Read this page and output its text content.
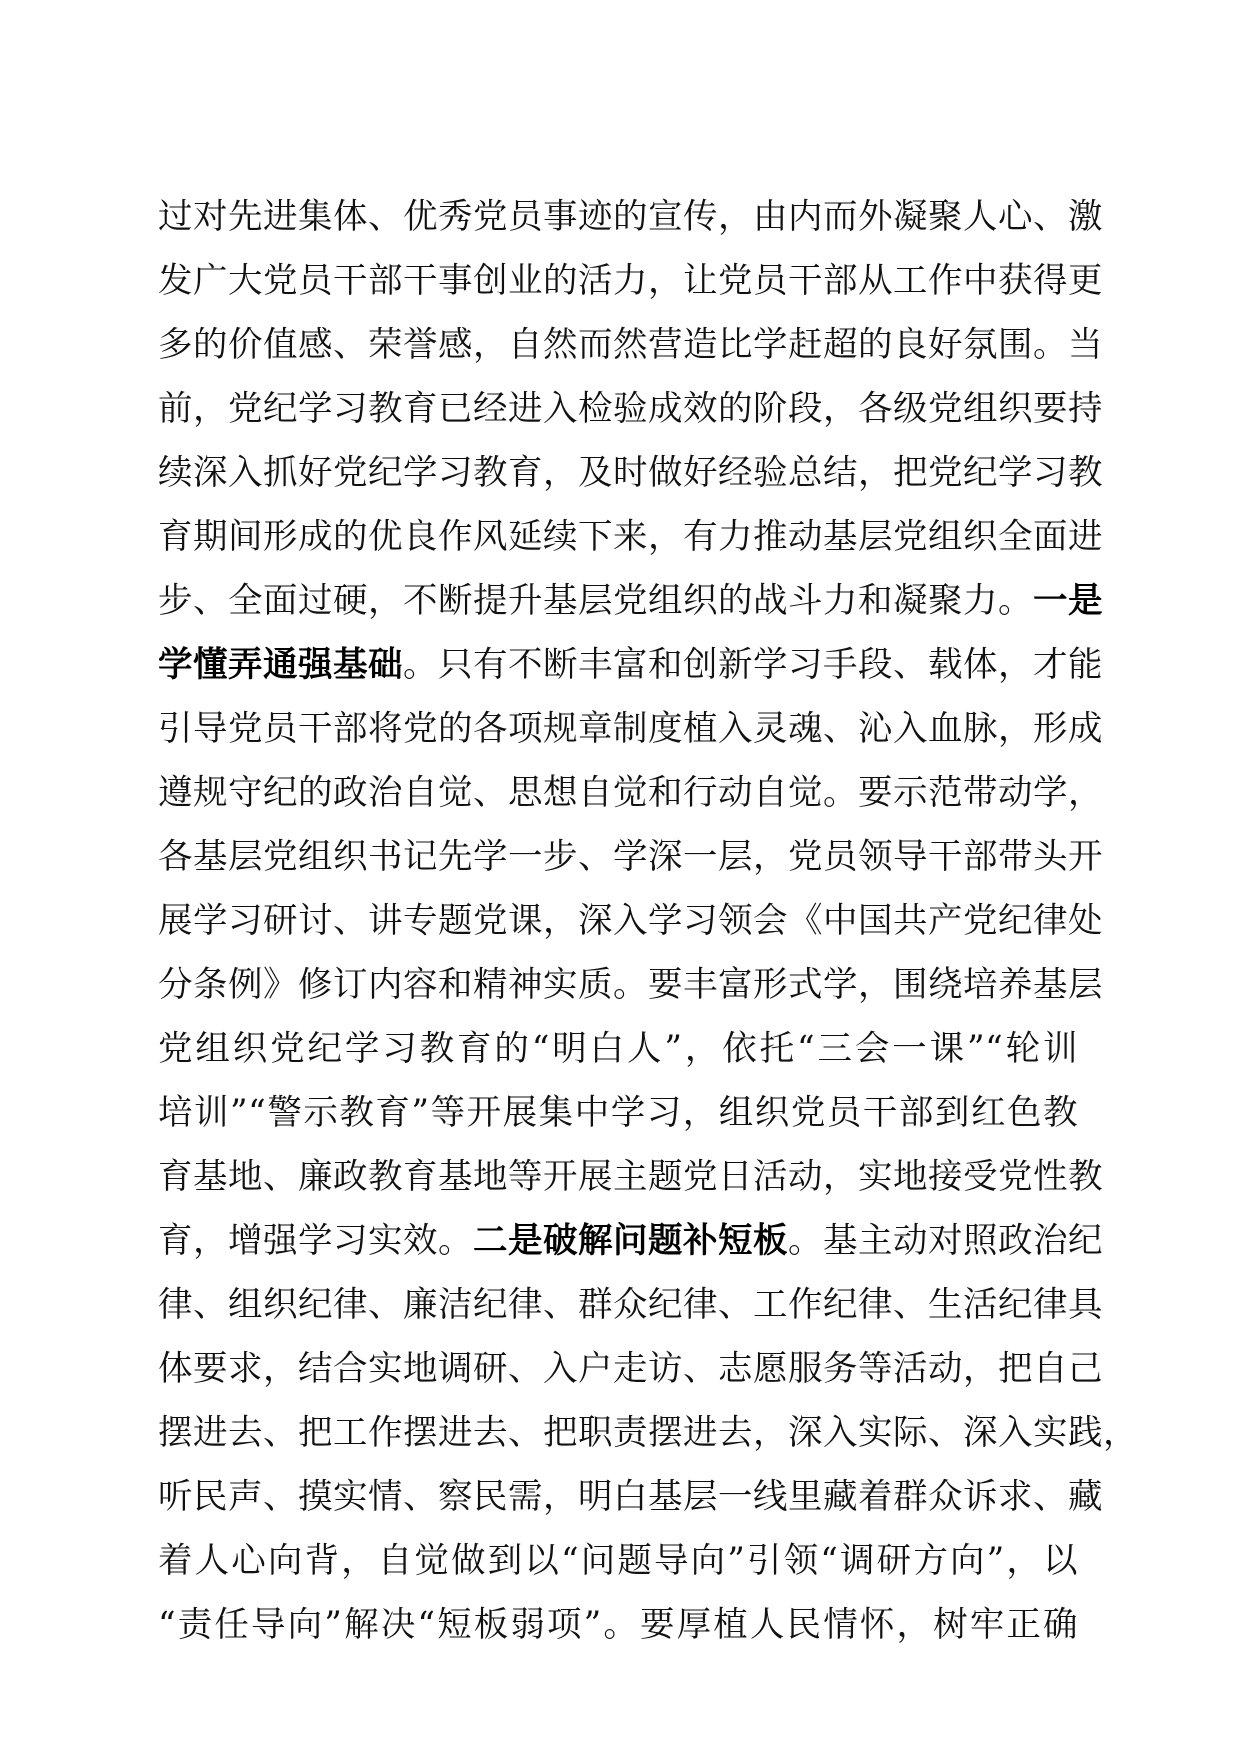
过对先进集体、优秀党员事迹的宣传，由内而外凝聚人心、激
发广大党员干部干事创业的活力，让党员干部从工作中获得更
多的价值感、荣誉感，自然而然营造比学赶超的良好氛围。当
前，党纪学习教育已经进入检验成效的阶段，各级党组织要持
续深入抓好党纪学习教育，及时做好经验总结，把党纪学习教
育期间形成的优良作风延续下来，有力推动基层党组织全面进
步、全面过硬，不断提升基层党组织的战斗力和凝聚力。一是
学懂弄通强基础。只有不断丰富和创新学习手段、载体，才能
引导党员干部将党的各项规章制度植入灵魂、沁入血脉，形成
遵规守纪的政治自觉、思想自觉和行动自觉。要示范带动学，
各基层党组织书记先学一步、学深一层，党员领导干部带头开
展学习研讨、讲专题党课，深入学习领会《中国共产党纪律处
分条例》修订内容和精神实质。要丰富形式学，围绕培养基层
党组织党纪学习教育的“明白人”，依托“三会一课”“轮训
培训”“警示教育”等开展集中学习，组织党员干部到红色教
育基地、廉政教育基地等开展主题党日活动，实地接受党性教
育，增强学习实效。二是破解问题补短板。基主动对照政治纪
律、组织纪律、廉洁纪律、群众纪律、工作纪律、生活纪律具
体要求，结合实地调研、入户走访、志愿服务等活动，把自己
摆进去、把工作摆进去、把职责摆进去，深入实际、深入实践，
听民声、摸实情、察民需，明白基层一线里藏着群众诉求、藏
着人心向背，自觉做到以“问题导向”引领“调研方向”，以
“责任导向”解决“短板弱项”。要厚植人民情怀，树牢正确
